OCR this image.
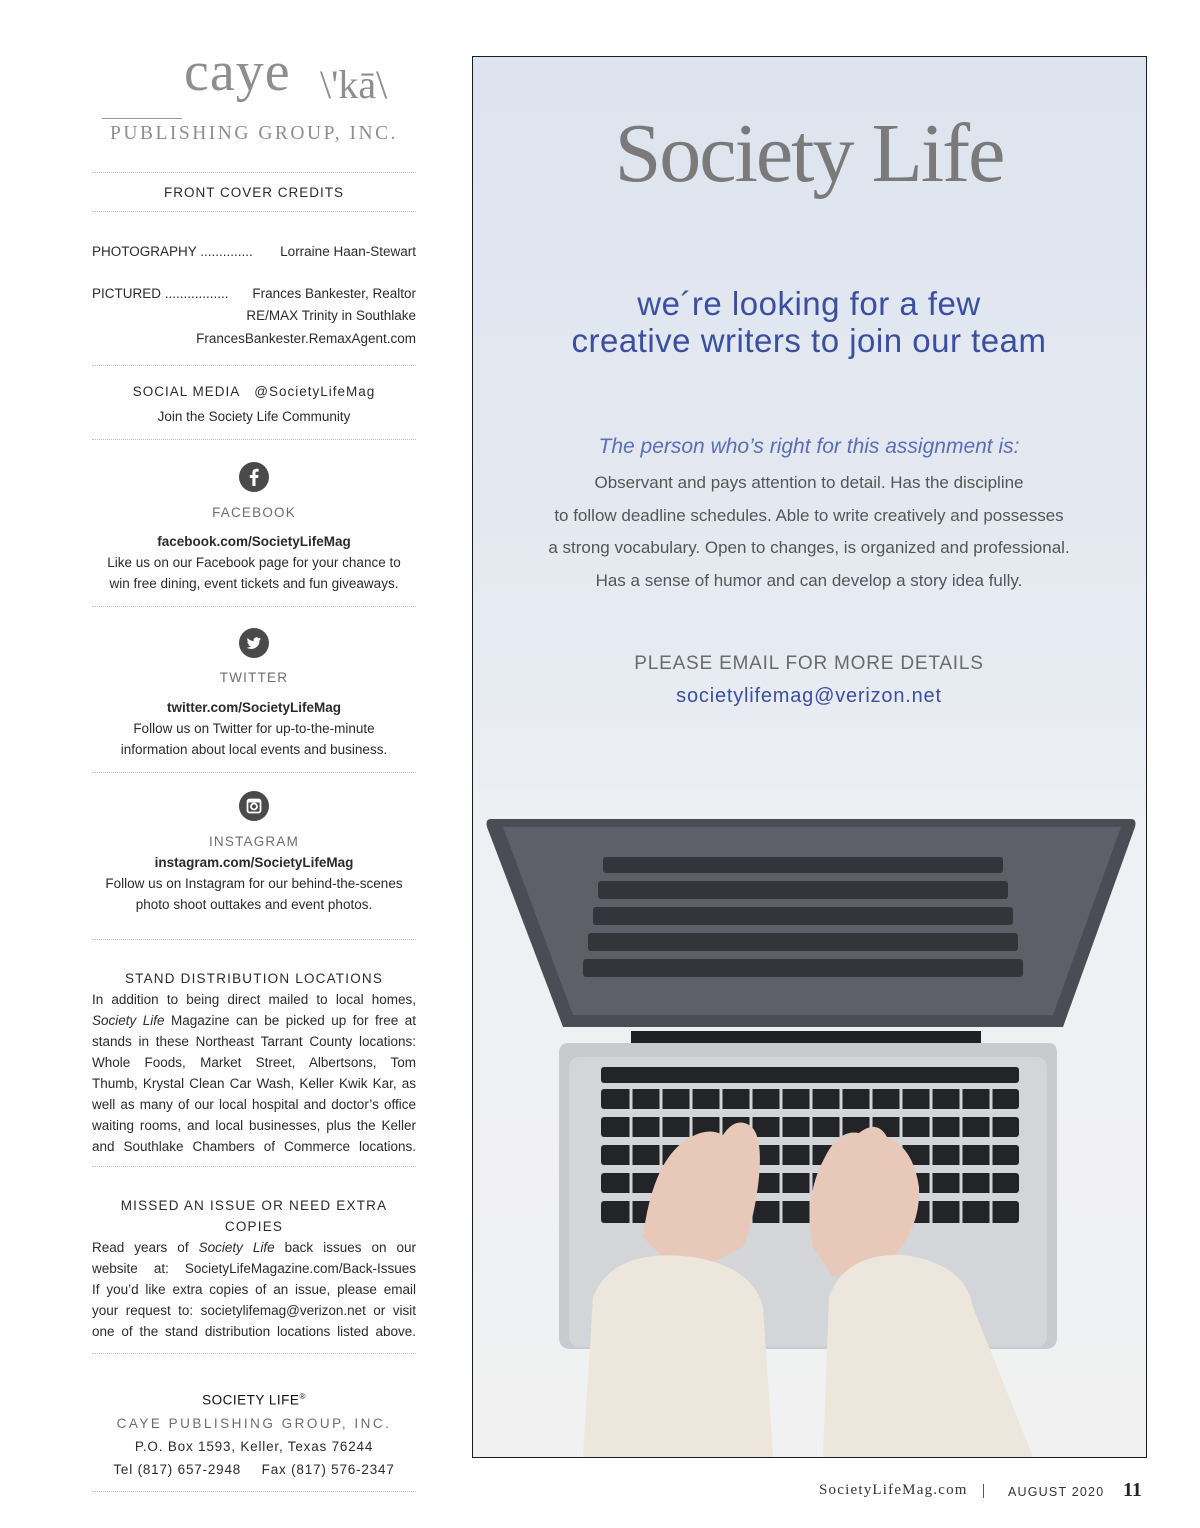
caye \'kā\
PUBLISHING GROUP, INC.
FRONT COVER CREDITS
PHOTOGRAPHY .............. Lorraine Haan-Stewart
PICTURED ................. Frances Bankester, Realtor
RE/MAX Trinity in Southlake
FrancesBankester.RemaxAgent.com
SOCIAL MEDIA @SocietyLifeMag
Join the Society Life Community
FACEBOOK
facebook.com/SocietyLifeMag
Like us on our Facebook page for your chance to
win free dining, event tickets and fun giveaways.
TWITTER
twitter.com/SocietyLifeMag
Follow us on Twitter for up-to-the-minute
information about local events and business.
INSTAGRAM
instagram.com/SocietyLifeMag
Follow us on Instagram for our behind-the-scenes
photo shoot outtakes and event photos.
STAND DISTRIBUTION LOCATIONS
In addition to being direct mailed to local homes,
Society Life Magazine can be picked up for free at
stands in these Northeast Tarrant County locations:
Whole Foods, Market Street, Albertsons, Tom
Thumb, Krystal Clean Car Wash, Keller Kwik Kar, as
well as many of our local hospital and doctor’s office
waiting rooms, and local businesses, plus the Keller
and Southlake Chambers of Commerce locations.
MISSED AN ISSUE OR NEED EXTRA COPIES
Read years of Society Life back issues on our
website at: SocietyLifeMagazine.com/Back-Issues
If you’d like extra copies of an issue, please email
your request to: societylifemag@verizon.net or visit
one of the stand distribution locations listed above.
SOCIETY LIFE®
CAYE PUBLISHING GROUP, INC.
P.O. Box 1593, Keller, Texas 76244
Tel (817) 657-2948 Fax (817) 576-2347
Society Life
we´re looking for a few
creative writers to join our team
The person who’s right for this assignment is:
Observant and pays attention to detail. Has the discipline
to follow deadline schedules. Able to write creatively and possesses
a strong vocabulary. Open to changes, is organized and professional.
Has a sense of humor and can develop a story idea fully.
PLEASE EMAIL FOR MORE DETAILS
societylifemag@verizon.net
SocietyLifeMag.com	AUGUST 2020 11
